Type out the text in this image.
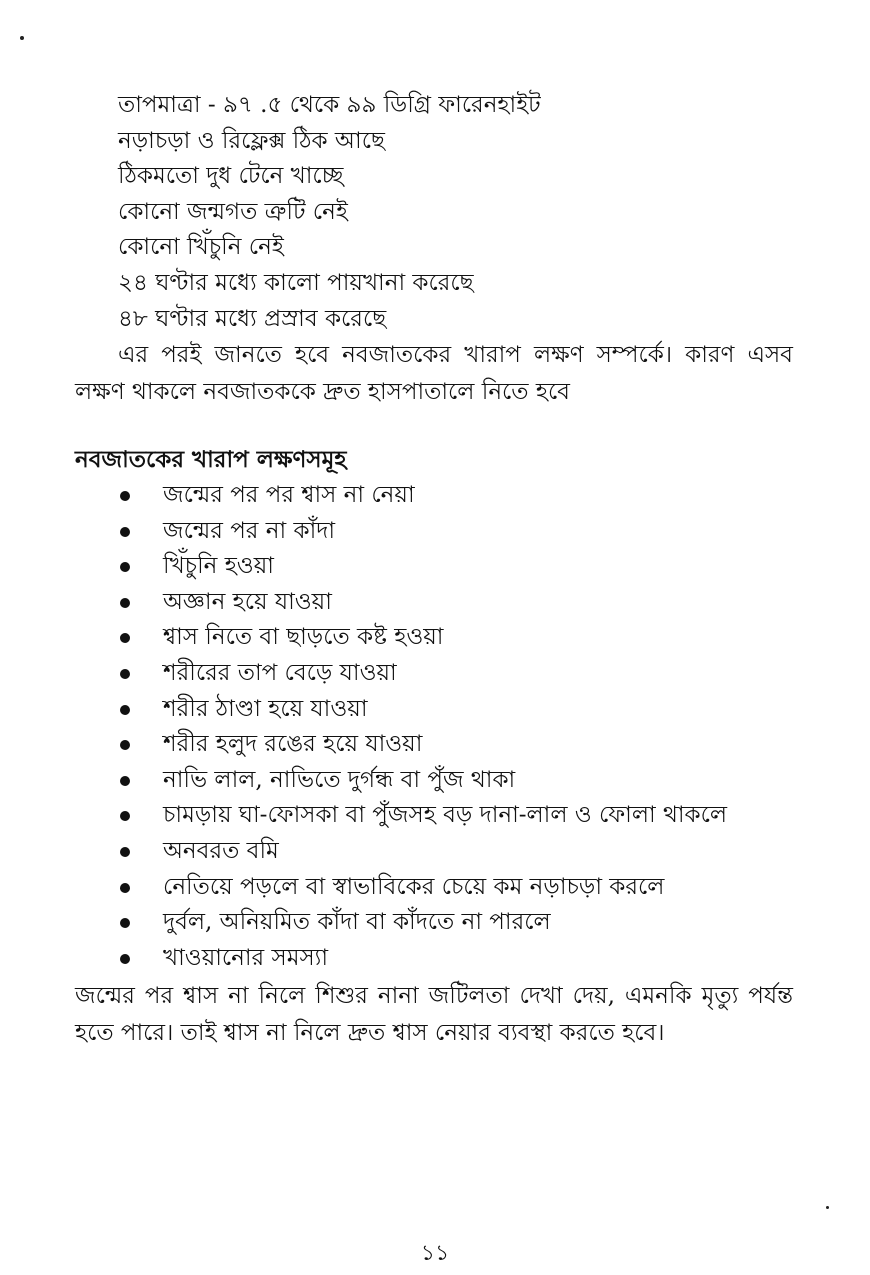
তাপমাত্রা - ৯৭ .৫ থেকে ৯৯ ডিগ্রি ফারেনহাইট
নড়াচড়া ও রিফ্লেক্স ঠিক আছে
ঠিকমতো দুধ টেনে খাচ্ছে
কোনো জন্মগত ত্রুটি নেই
কোনো খিঁচুনি নেই
২৪ ঘণ্টার মধ্যে কালো পায়খানা করেছে
৪৮ ঘণ্টার মধ্যে প্রস্রাব করেছে
এর পরই জানতে হবে নবজাতকের খারাপ লক্ষণ সম্পর্কে। কারণ এসব লক্ষণ থাকলে নবজাতককে দ্রুত হাসপাতালে নিতে হবে
নবজাতকের খারাপ লক্ষণসমূহ
জন্মের পর পর শ্বাস না নেয়া
জন্মের পর না কাঁদা
খিঁচুনি হওয়া
অজ্ঞান হয়ে যাওয়া
শ্বাস নিতে বা ছাড়তে কষ্ট হওয়া
শরীরের তাপ বেড়ে যাওয়া
শরীর ঠাণ্ডা হয়ে যাওয়া
শরীর হলুদ রঙের হয়ে যাওয়া
নাভি লাল, নাভিতে দুর্গন্ধ বা পুঁজ থাকা
চামড়ায় ঘা-ফোসকা বা পুঁজসহ বড় দানা-লাল ও ফোলা থাকলে
অনবরত বমি
নেতিয়ে পড়লে বা স্বাভাবিকের চেয়ে কম নড়াচড়া করলে
দুর্বল, অনিয়মিত কাঁদা বা কাঁদতে না পারলে
খাওয়ানোর সমস্যা
জন্মের পর শ্বাস না নিলে শিশুর নানা জটিলতা দেখা দেয়, এমনকি মৃত্যু পর্যন্ত হতে পারে। তাই শ্বাস না নিলে দ্রুত শ্বাস নেয়ার ব্যবস্থা করতে হবে।
১১
